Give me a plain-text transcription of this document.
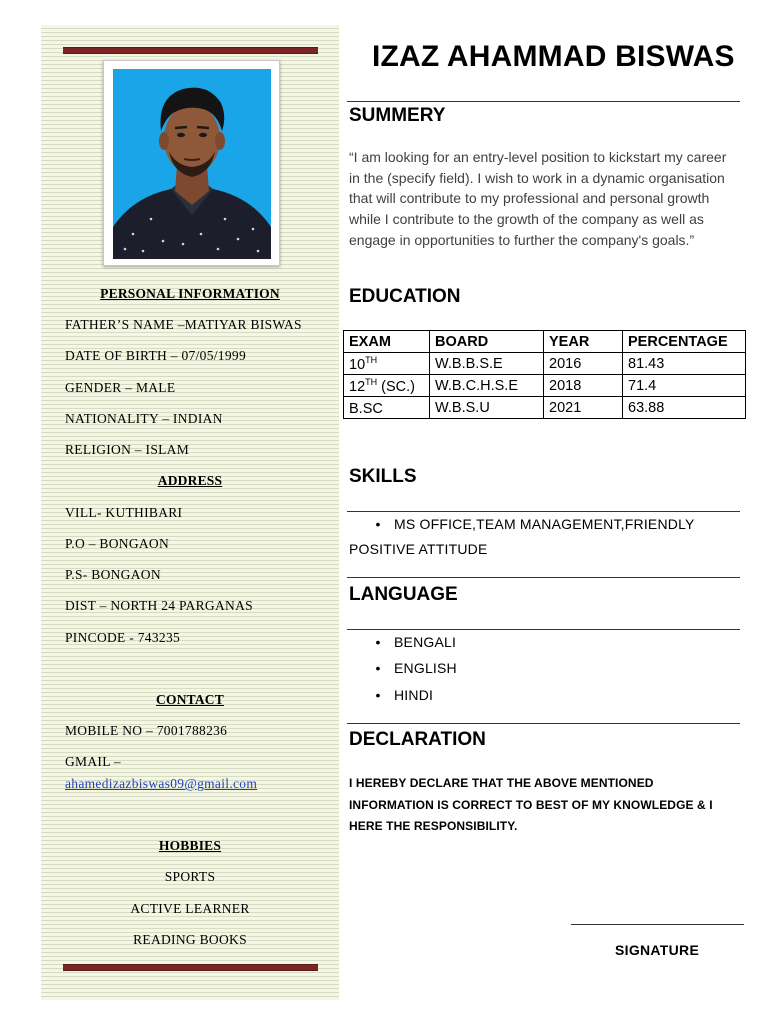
PERSONAL INFORMATION
FATHER’S NAME –MATIYAR BISWAS
DATE OF BIRTH – 07/05/1999
GENDER – MALE
NATIONALITY – INDIAN
RELIGION – ISLAM
ADDRESS
VILL- KUTHIBARI
P.O – BONGAON
P.S- BONGAON
DIST – NORTH 24 PARGANAS
PINCODE - 743235
CONTACT
MOBILE NO – 7001788236
GMAIL –
ahamedizazbiswas09@gmail.com
HOBBIES
SPORTS
ACTIVE LEARNER
READING BOOKS
IZAZ AHAMMAD BISWAS
SUMMERY
“I am looking for an entry-level position to kickstart my career in the (specify field). I wish to work in a dynamic organisation that will contribute to my professional and personal growth while I contribute to the growth of the company as well as engage in opportunities to further the company's goals.”
EDUCATION
EXAM	BOARD	YEAR	PERCENTAGE
10TH	W.B.B.S.E	2016	81.43
12TH (SC.)	W.B.C.H.S.E	2018	71.4
B.SC	W.B.S.U	2021	63.88
SKILLS
• MS OFFICE,TEAM MANAGEMENT,FRIENDLY
POSITIVE ATTITUDE
LANGUAGE
• BENGALI
• ENGLISH
• HINDI
DECLARATION
I HEREBY DECLARE THAT THE ABOVE MENTIONED INFORMATION IS CORRECT TO BEST OF MY KNOWLEDGE & I HERE THE RESPONSIBILITY.
SIGNATURE
